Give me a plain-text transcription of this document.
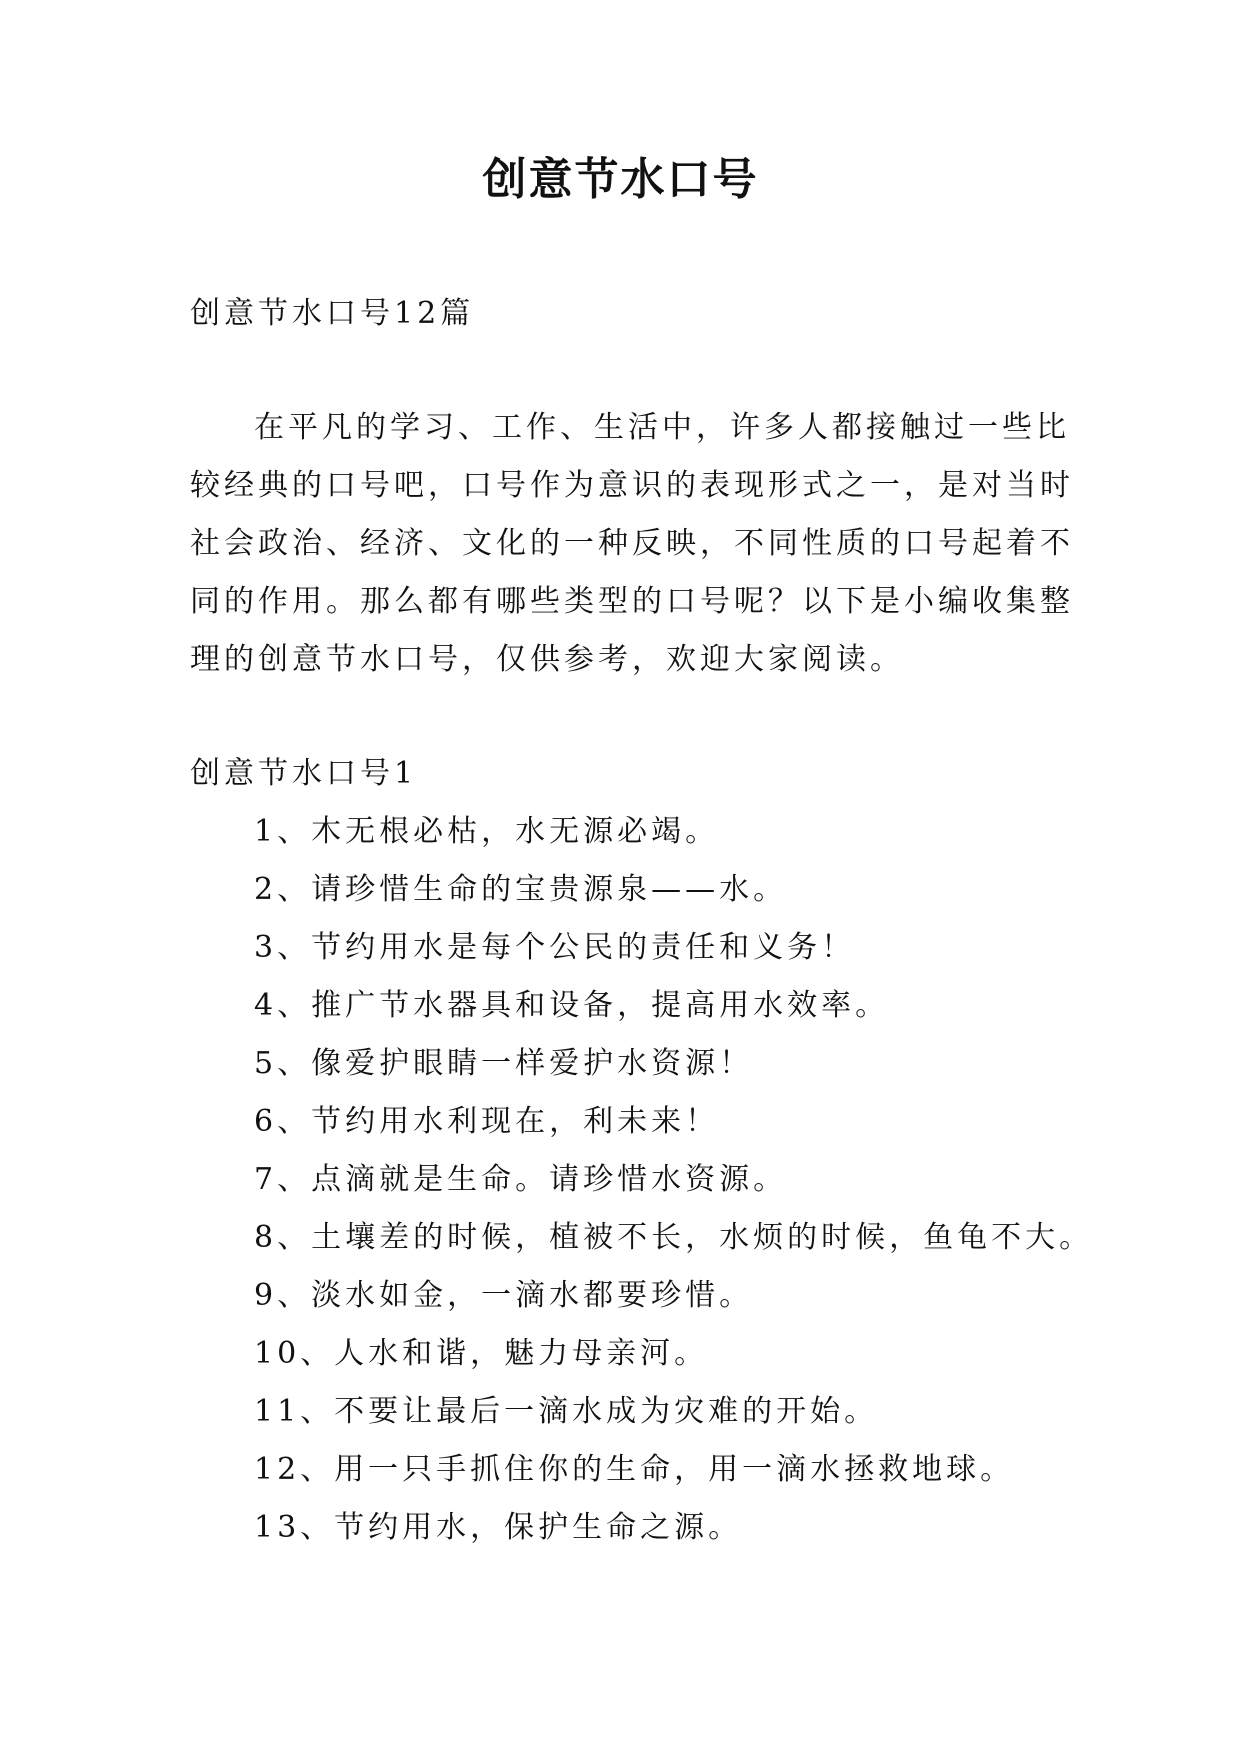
创意节水口号
创意节水口号12篇
在平凡的学习、工作、生活中，许多人都接触过一些比
较经典的口号吧，口号作为意识的表现形式之一，是对当时
社会政治、经济、文化的一种反映，不同性质的口号起着不
同的作用。那么都有哪些类型的口号呢？以下是小编收集整
理的创意节水口号，仅供参考，欢迎大家阅读。
创意节水口号1
1、木无根必枯，水无源必竭。
2、请珍惜生命的宝贵源泉——水。
3、节约用水是每个公民的责任和义务！
4、推广节水器具和设备，提高用水效率。
5、像爱护眼睛一样爱护水资源！
6、节约用水利现在，利未来！
7、点滴就是生命。请珍惜水资源。
8、土壤差的时候，植被不长，水烦的时候，鱼龟不大。
9、淡水如金，一滴水都要珍惜。
10、人水和谐，魅力母亲河。
11、不要让最后一滴水成为灾难的开始。
12、用一只手抓住你的生命，用一滴水拯救地球。
13、节约用水，保护生命之源。
